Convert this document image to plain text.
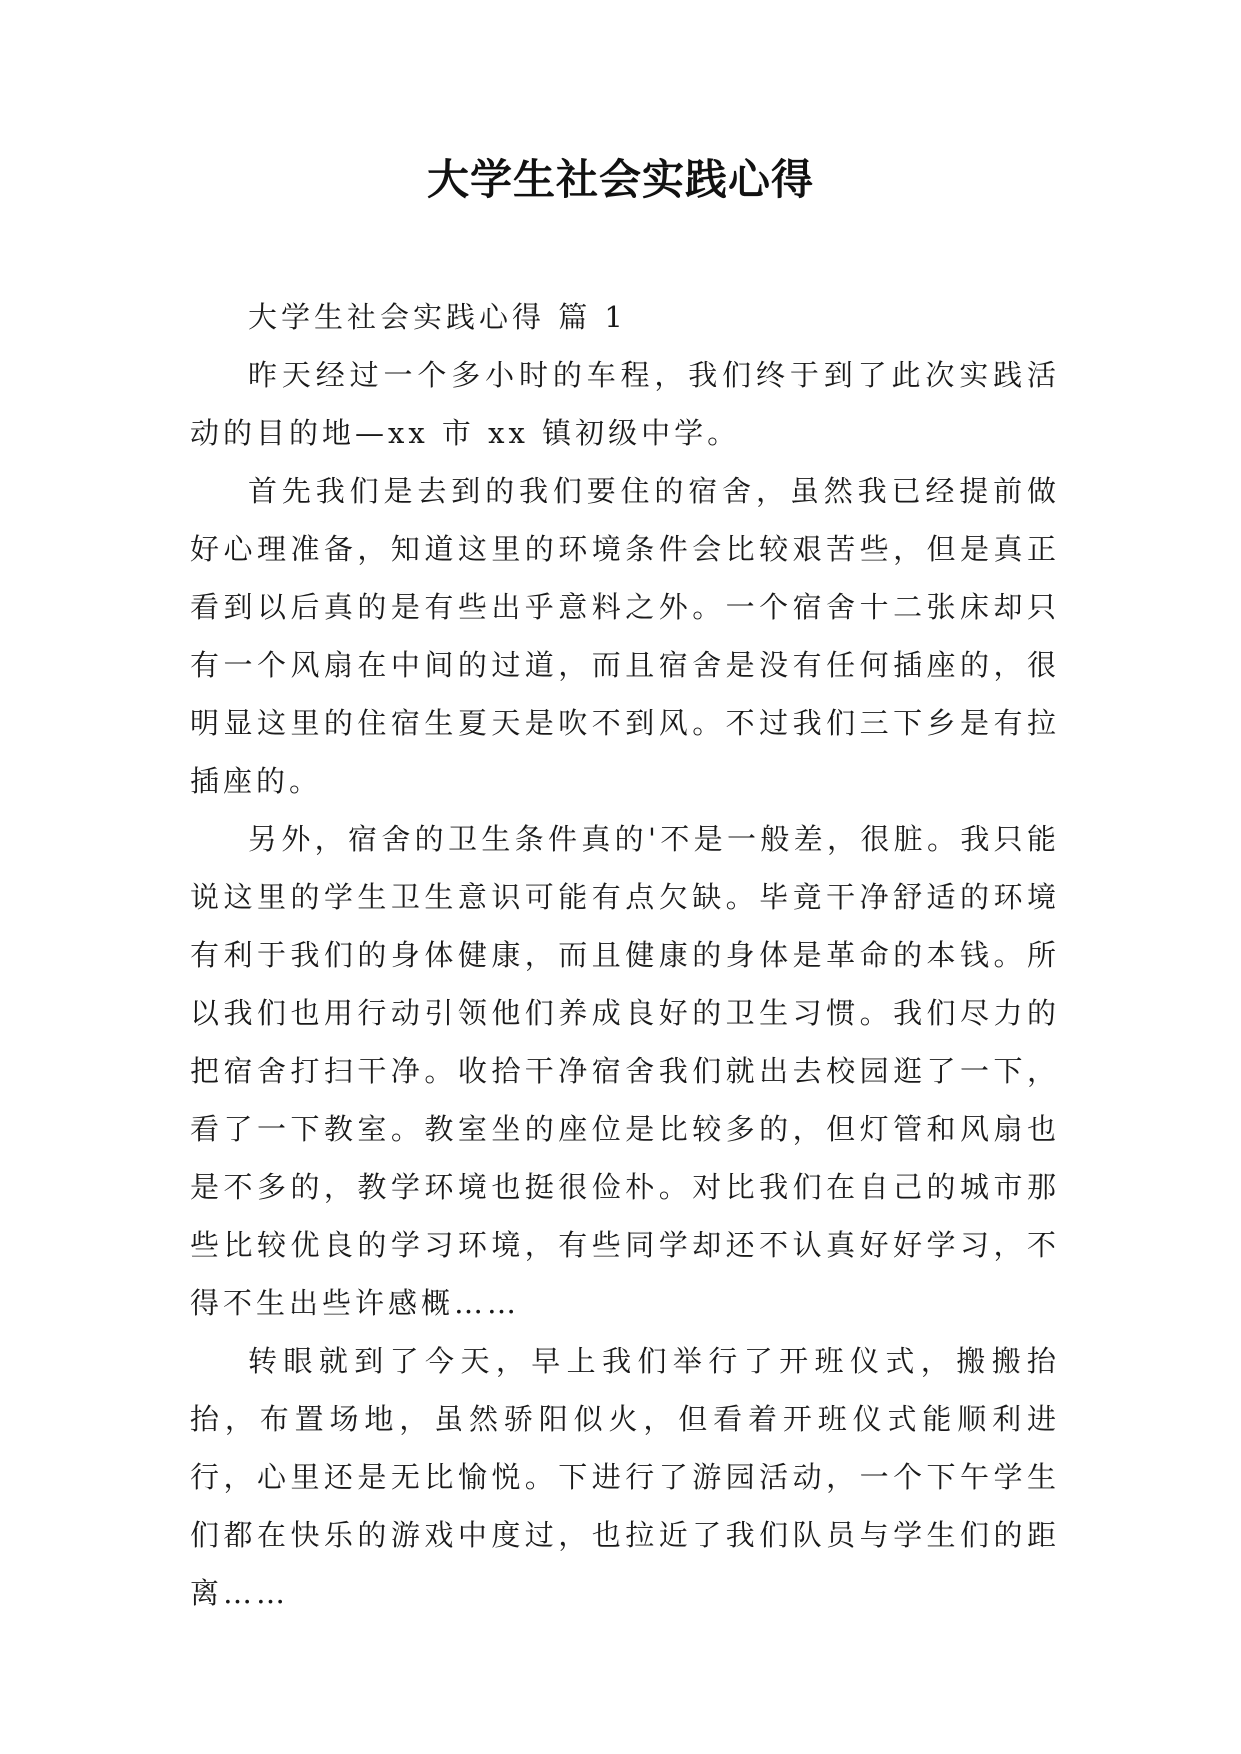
大学生社会实践心得

大学生社会实践心得 篇 1

昨天经过一个多小时的车程，我们终于到了此次实践活动的目的地—xx 市 xx 镇初级中学。

首先我们是去到的我们要住的宿舍，虽然我已经提前做好心理准备，知道这里的环境条件会比较艰苦些，但是真正看到以后真的是有些出乎意料之外。一个宿舍十二张床却只有一个风扇在中间的过道，而且宿舍是没有任何插座的，很明显这里的住宿生夏天是吹不到风。不过我们三下乡是有拉插座的。

另外，宿舍的卫生条件真的'不是一般差，很脏。我只能说这里的学生卫生意识可能有点欠缺。毕竟干净舒适的环境有利于我们的身体健康，而且健康的身体是革命的本钱。所以我们也用行动引领他们养成良好的卫生习惯。我们尽力的把宿舍打扫干净。收拾干净宿舍我们就出去校园逛了一下，看了一下教室。教室坐的座位是比较多的，但灯管和风扇也是不多的，教学环境也挺很俭朴。对比我们在自己的城市那些比较优良的学习环境，有些同学却还不认真好好学习，不得不生出些许感概……

转眼就到了今天，早上我们举行了开班仪式，搬搬抬抬，布置场地，虽然骄阳似火，但看着开班仪式能顺利进行，心里还是无比愉悦。下进行了游园活动，一个下午学生们都在快乐的游戏中度过，也拉近了我们队员与学生们的距离……
